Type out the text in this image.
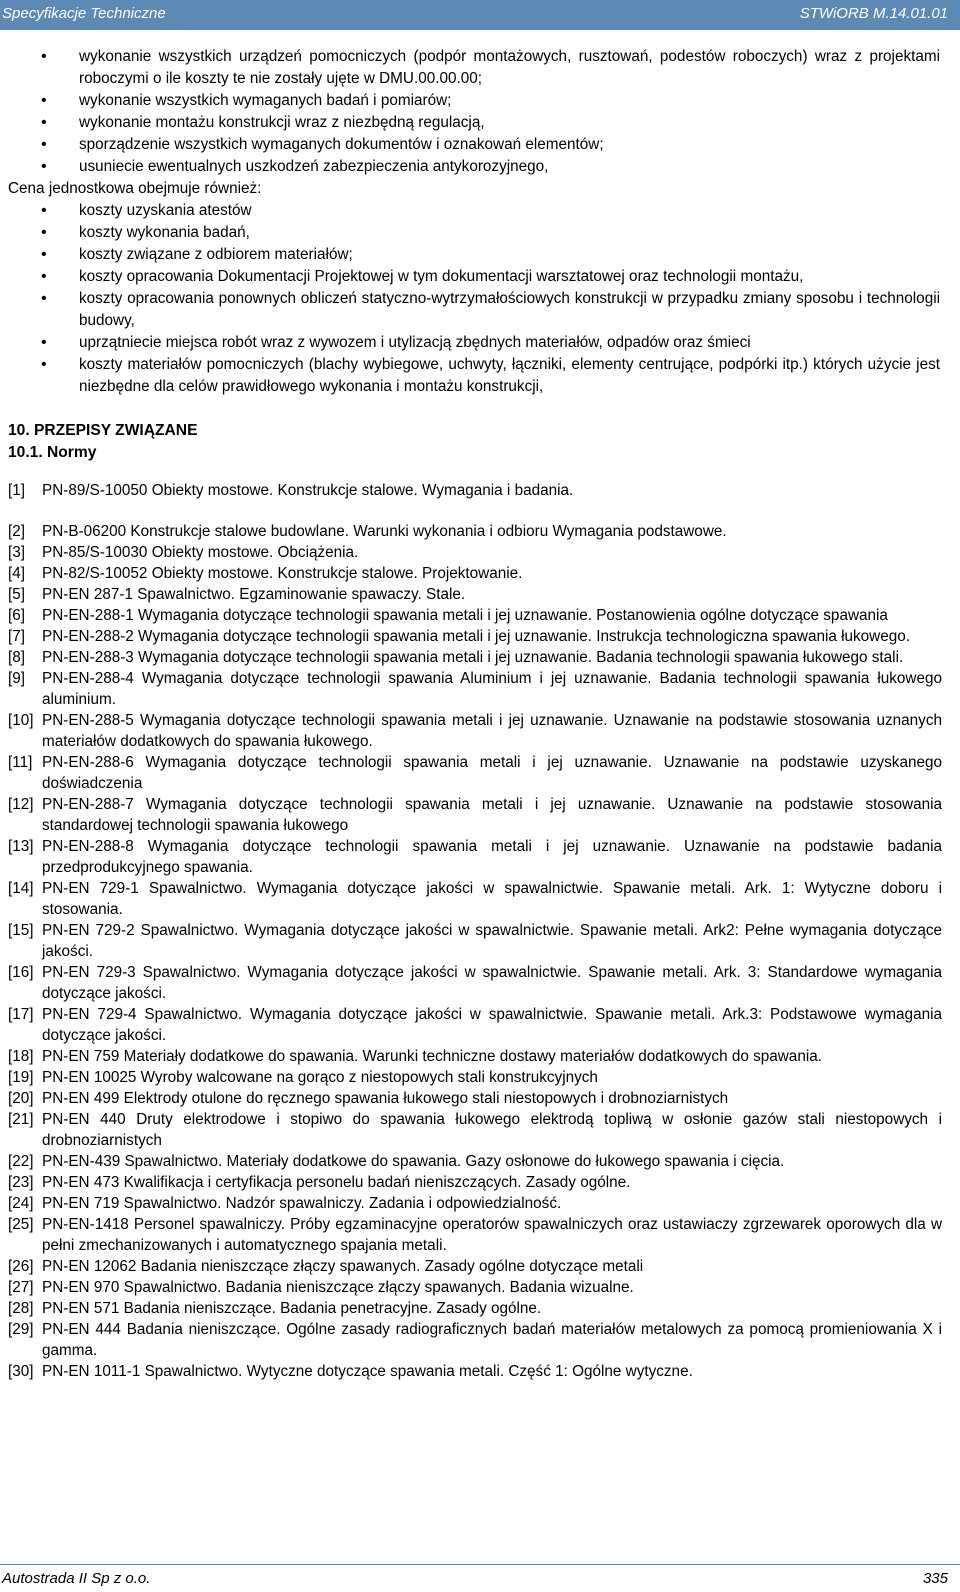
Specyfikacje Techniczne	STWiORB M.14.01.01
• wykonanie wszystkich urządzeń pomocniczych (podpór montażowych, rusztowań, podestów roboczych) wraz z projektami roboczymi o ile koszty te nie zostały ujęte w DMU.00.00.00;
• wykonanie wszystkich wymaganych badań i pomiarów;
• wykonanie montażu konstrukcji wraz z niezbędną regulacją,
• sporządzenie wszystkich wymaganych dokumentów i oznakowań elementów;
• usuniecie ewentualnych uszkodzeń zabezpieczenia antykorozyjnego,

Cena jednostkowa obejmuje również:

• koszty uzyskania atestów
• koszty wykonania badań,
• koszty związane z odbiorem materiałów;
• koszty opracowania Dokumentacji Projektowej w tym dokumentacji warsztatowej oraz technologii montażu,
• koszty opracowania ponownych obliczeń statyczno-wytrzymałościowych konstrukcji w przypadku zmiany sposobu i technologii budowy,
• uprzątniecie miejsca robót wraz z wywozem i utylizacją zbędnych materiałów, odpadów oraz śmieci
• koszty materiałów pomocniczych (blachy wybiegowe, uchwyty, łączniki, elementy centrujące, podpórki itp.) których użycie jest niezbędne dla celów prawidłowego wykonania i montażu konstrukcji,

10. PRZEPISY ZWIĄZANE

10.1. Normy

[1] PN-89/S-10050 Obiekty mostowe. Konstrukcje stalowe. Wymagania i badania.
[2] PN-B-06200 Konstrukcje stalowe budowlane. Warunki wykonania i odbioru Wymagania podstawowe.
[3] PN-85/S-10030 Obiekty mostowe. Obciążenia.
[4] PN-82/S-10052 Obiekty mostowe. Konstrukcje stalowe. Projektowanie.
[5] PN-EN 287-1 Spawalnictwo. Egzaminowanie spawaczy. Stale.
[6] PN-EN-288-1 Wymagania dotyczące technologii spawania metali i jej uznawanie. Postanowienia ogólne dotyczące spawania
[7] PN-EN-288-2 Wymagania dotyczące technologii spawania metali i jej uznawanie. Instrukcja technologiczna spawania łukowego.
[8] PN-EN-288-3 Wymagania dotyczące technologii spawania metali i jej uznawanie. Badania technologii spawania łukowego stali.
[9] PN-EN-288-4 Wymagania dotyczące technologii spawania Aluminium i jej uznawanie. Badania technologii spawania łukowego aluminium.
[10] PN-EN-288-5 Wymagania dotyczące technologii spawania metali i jej uznawanie. Uznawanie na podstawie stosowania uznanych materiałów dodatkowych do spawania łukowego.
[11] PN-EN-288-6 Wymagania dotyczące technologii spawania metali i jej uznawanie. Uznawanie na podstawie uzyskanego doświadczenia
[12] PN-EN-288-7 Wymagania dotyczące technologii spawania metali i jej uznawanie. Uznawanie na podstawie stosowania standardowej technologii spawania łukowego
[13] PN-EN-288-8 Wymagania dotyczące technologii spawania metali i jej uznawanie. Uznawanie na podstawie badania przedprodukcyjnego spawania.
[14] PN-EN 729-1 Spawalnictwo. Wymagania dotyczące jakości w spawalnictwie. Spawanie metali. Ark. 1: Wytyczne doboru i stosowania.
[15] PN-EN 729-2 Spawalnictwo. Wymagania dotyczące jakości w spawalnictwie. Spawanie metali. Ark2: Pełne wymagania dotyczące jakości.
[16] PN-EN 729-3 Spawalnictwo. Wymagania dotyczące jakości w spawalnictwie. Spawanie metali. Ark. 3: Standardowe wymagania dotyczące jakości.
[17] PN-EN 729-4 Spawalnictwo. Wymagania dotyczące jakości w spawalnictwie. Spawanie metali. Ark.3: Podstawowe wymagania dotyczące jakości.
[18] PN-EN 759 Materiały dodatkowe do spawania. Warunki techniczne dostawy materiałów dodatkowych do spawania.
[19] PN-EN 10025 Wyroby walcowane na gorąco z niestopowych stali konstrukcyjnych
[20] PN-EN 499 Elektrody otulone do ręcznego spawania łukowego stali niestopowych i drobnoziarnistych
[21] PN-EN 440 Druty elektrodowe i stopiwo do spawania łukowego elektrodą topliwą w osłonie gazów stali niestopowych i drobnoziarnistych
[22] PN-EN-439 Spawalnictwo. Materiały dodatkowe do spawania. Gazy osłonowe do łukowego spawania i cięcia.
[23] PN-EN 473 Kwalifikacja i certyfikacja personelu badań nieniszczących. Zasady ogólne.
[24] PN-EN 719 Spawalnictwo. Nadzór spawalniczy. Zadania i odpowiedzialność.
[25] PN-EN-1418 Personel spawalniczy. Próby egzaminacyjne operatorów spawalniczych oraz ustawiaczy zgrzewarek oporowych dla w pełni zmechanizowanych i automatycznego spajania metali.
[26] PN-EN 12062 Badania nieniszczące złączy spawanych. Zasady ogólne dotyczące metali
[27] PN-EN 970 Spawalnictwo. Badania nieniszczące złączy spawanych. Badania wizualne.
[28] PN-EN 571 Badania nieniszczące. Badania penetracyjne. Zasady ogólne.
[29] PN-EN 444 Badania nieniszczące. Ogólne zasady radiograficznych badań materiałów metalowych za pomocą promieniowania X i gamma.
[30] PN-EN 1011-1 Spawalnictwo. Wytyczne dotyczące spawania metali. Część 1: Ogólne wytyczne.
Autostrada II Sp z o.o.	335
